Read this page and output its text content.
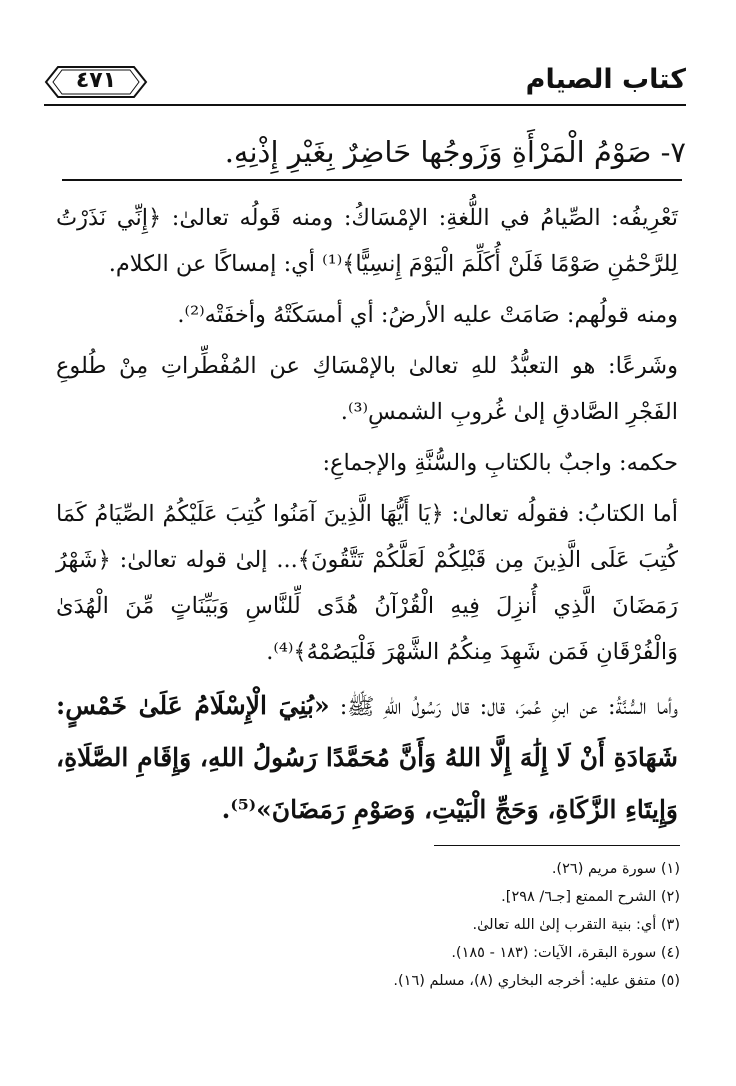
كتاب الصيام
٤٧١
٧- صَوْمُ الْمَرْأَةِ وَزَوجُها حَاضِرٌ بِغَيْرِ إِذْنِهِ.

تَعْرِيفُه: الصِّيامُ في اللُّغةِ: الإمْسَاكُ: ومنه قَولُه تعالىٰ: ﴿إِنِّي نَذَرْتُ لِلرَّحْمَٰنِ صَوْمًا فَلَنْ أُكَلِّمَ الْيَوْمَ إِنسِيًّا﴾⁽¹⁾ أي: إمساكًا عن الكلام.

ومنه قولُهم: صَامَتْ عليه الأرضُ: أي أمسَكَتْهُ وأخفَتْه⁽²⁾.

وشَرعًا: هو التعبُّدُ للهِ تعالىٰ بالإمْسَاكِ عن المُفْطِّراتِ مِنْ طُلوعِ الفَجْرِ الصَّادقِ إلىٰ غُروبِ الشمسِ⁽³⁾.

حكمه: واجبٌ بالكتابِ والسُّنَّةِ والإجماعِ:

أما الكتابُ: فقولُه تعالىٰ: ﴿يَا أَيُّهَا الَّذِينَ آمَنُوا كُتِبَ عَلَيْكُمُ الصِّيَامُ كَمَا كُتِبَ عَلَى الَّذِينَ مِن قَبْلِكُمْ لَعَلَّكُمْ تَتَّقُونَ﴾... إلىٰ قوله تعالىٰ: ﴿شَهْرُ رَمَضَانَ الَّذِي أُنزِلَ فِيهِ الْقُرْآنُ هُدًى لِّلنَّاسِ وَبَيِّنَاتٍ مِّنَ الْهُدَىٰ وَالْفُرْقَانِ فَمَن شَهِدَ مِنكُمُ الشَّهْرَ فَلْيَصُمْهُ﴾⁽⁴⁾.

وأما السُّنَّةُ: عن ابنِ عُمرَ، قال: قال رَسُولُ اللهِ ﷺ: «بُنِيَ الْإِسْلَامُ عَلَىٰ خَمْسٍ: شَهَادَةِ أَنْ لَا إِلَٰهَ إِلَّا اللهُ وَأَنَّ مُحَمَّدًا رَسُولُ اللهِ، وَإِقَامِ الصَّلَاةِ، وَإِيتَاءِ الزَّكَاةِ، وَحَجِّ الْبَيْتِ، وَصَوْمِ رَمَضَانَ»⁽⁵⁾.

(١) سورة مريم (٢٦).
(٢) الشرح الممتع [جـ٦/ ٢٩٨].
(٣) أي: بنية التقرب إلىٰ الله تعالىٰ.
(٤) سورة البقرة، الآيات: (١٨٣ - ١٨٥).
(٥) متفق عليه: أخرجه البخاري (٨)، مسلم (١٦).
